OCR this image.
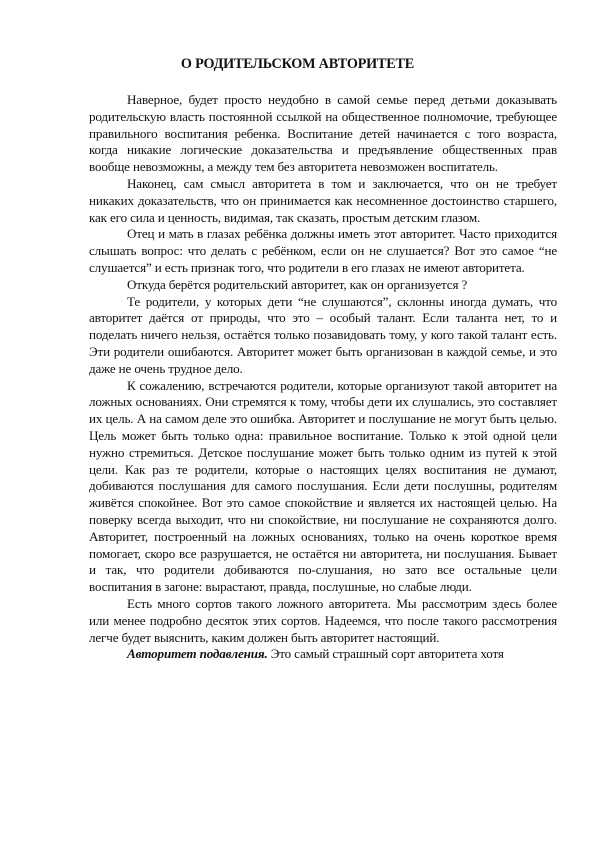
О РОДИТЕЛЬСКОМ АВТОРИТЕТЕ

Наверное, будет просто неудобно в самой семье перед детьми доказывать родительскую власть постоянной ссылкой на общественное полномочие, требующее правильного воспитания ребенка. Воспитание детей начинается с того возраста, когда никакие логические доказательства и предъявление общественных прав вообще невозможны, а между тем без авторитета невозможен воспитатель.

Наконец, сам смысл авторитета в том и заключается, что он не требует никаких доказательств, что он принимается как несомненное достоинство старшего, как его сила и ценность, видимая, так сказать, простым детским глазом.

Отец и мать в глазах ребёнка должны иметь этот авторитет. Часто приходится слышать вопрос: что делать с ребёнком, если он не слушается? Вот это самое “не слушается” и есть признак того, что родители в его глазах не имеют авторитета.

Откуда берётся родительский авторитет, как он организуется ?

Те родители, у которых дети “не слушаются”, склонны иногда думать, что авторитет даётся от природы, что это – особый талант. Если таланта нет, то и поделать ничего нельзя, остаётся только позавидовать тому, у кого такой талант есть. Эти родители ошибаются. Авторитет может быть организован в каждой семье, и это даже не очень трудное дело.

К сожалению, встречаются родители, которые организуют такой авторитет на ложных основаниях. Они стремятся к тому, чтобы дети их слушались, это составляет их цель. А на самом деле это ошибка. Авторитет и послушание не могут быть целью. Цель может быть только одна: правильное воспитание. Только к этой одной цели нужно стремиться. Детское послушание может быть только одним из путей к этой цели. Как раз те родители, которые о настоящих целях воспитания не думают, добиваются послушания для самого послушания. Если дети послушны, родителям живётся спокойнее. Вот это самое спокойствие и является их настоящей целью. На поверку всегда выходит, что ни спокойствие, ни послушание не сохраняются долго. Авторитет, построенный на ложных основаниях, только на очень короткое время помогает, скоро все разрушается, не остаётся ни авторитета, ни послушания. Бывает и так, что родители добиваются по-слушания, но зато все остальные цели воспитания в загоне: вырастают, правда, послушные, но слабые люди.

Есть много сортов такого ложного авторитета. Мы рассмотрим здесь более или менее подробно десяток этих сортов. Надеемся, что после такого рассмотрения легче будет выяснить, каким должен быть авторитет настоящий.

Авторитет подавления. Это самый страшный сорт авторитета хотя
